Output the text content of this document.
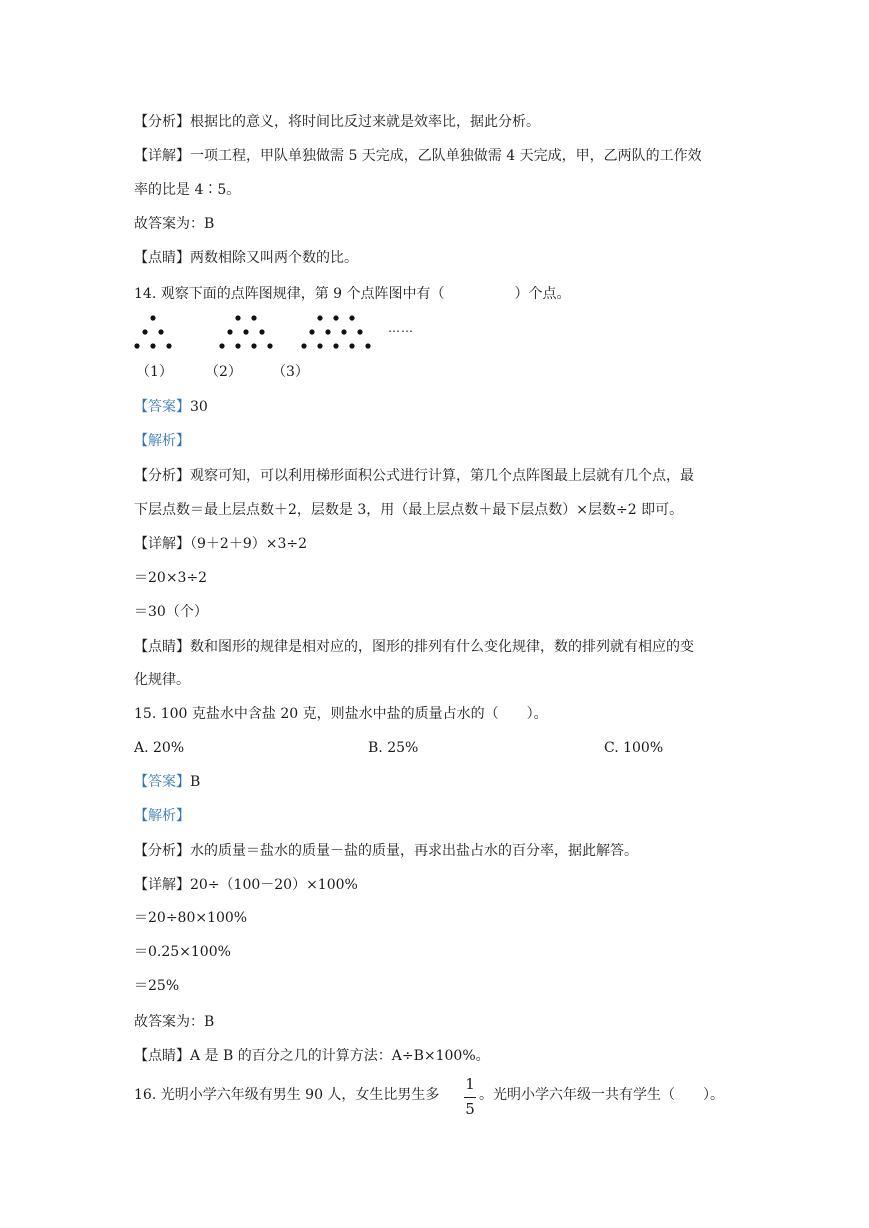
【分析】根据比的意义，将时间比反过来就是效率比，据此分析。
【详解】一项工程，甲队单独做需 5 天完成，乙队单独做需 4 天完成，甲，乙两队的工作效
率的比是 4∶5。
故答案为：B
【点睛】两数相除又叫两个数的比。
14. 观察下面的点阵图规律，第 9 个点阵图中有（　　　　　）个点。
……
（1） （2） （3）
【答案】30
【解析】
【分析】观察可知，可以利用梯形面积公式进行计算，第几个点阵图最上层就有几个点，最
下层点数＝最上层点数＋2，层数是 3，用（最上层点数＋最下层点数）×层数÷2 即可。
【详解】（9＋2＋9）×3÷2
＝20×3÷2
＝30（个）
【点睛】数和图形的规律是相对应的，图形的排列有什么变化规律，数的排列就有相应的变
化规律。
15. 100 克盐水中含盐 20 克，则盐水中盐的质量占水的（　　）。
A. 20%	B. 25%	C. 100%
【答案】B
【解析】
【分析】水的质量＝盐水的质量－盐的质量，再求出盐占水的百分率，据此解答。
【详解】20÷（100－20）×100%
＝20÷80×100%
＝0.25×100%
＝25%
故答案为：B
【点睛】A 是 B 的百分之几的计算方法：A÷B×100%。
16. 光明小学六年级有男生 90 人，女生比男生多
1
5
。光明小学六年级一共有学生（　　）。
